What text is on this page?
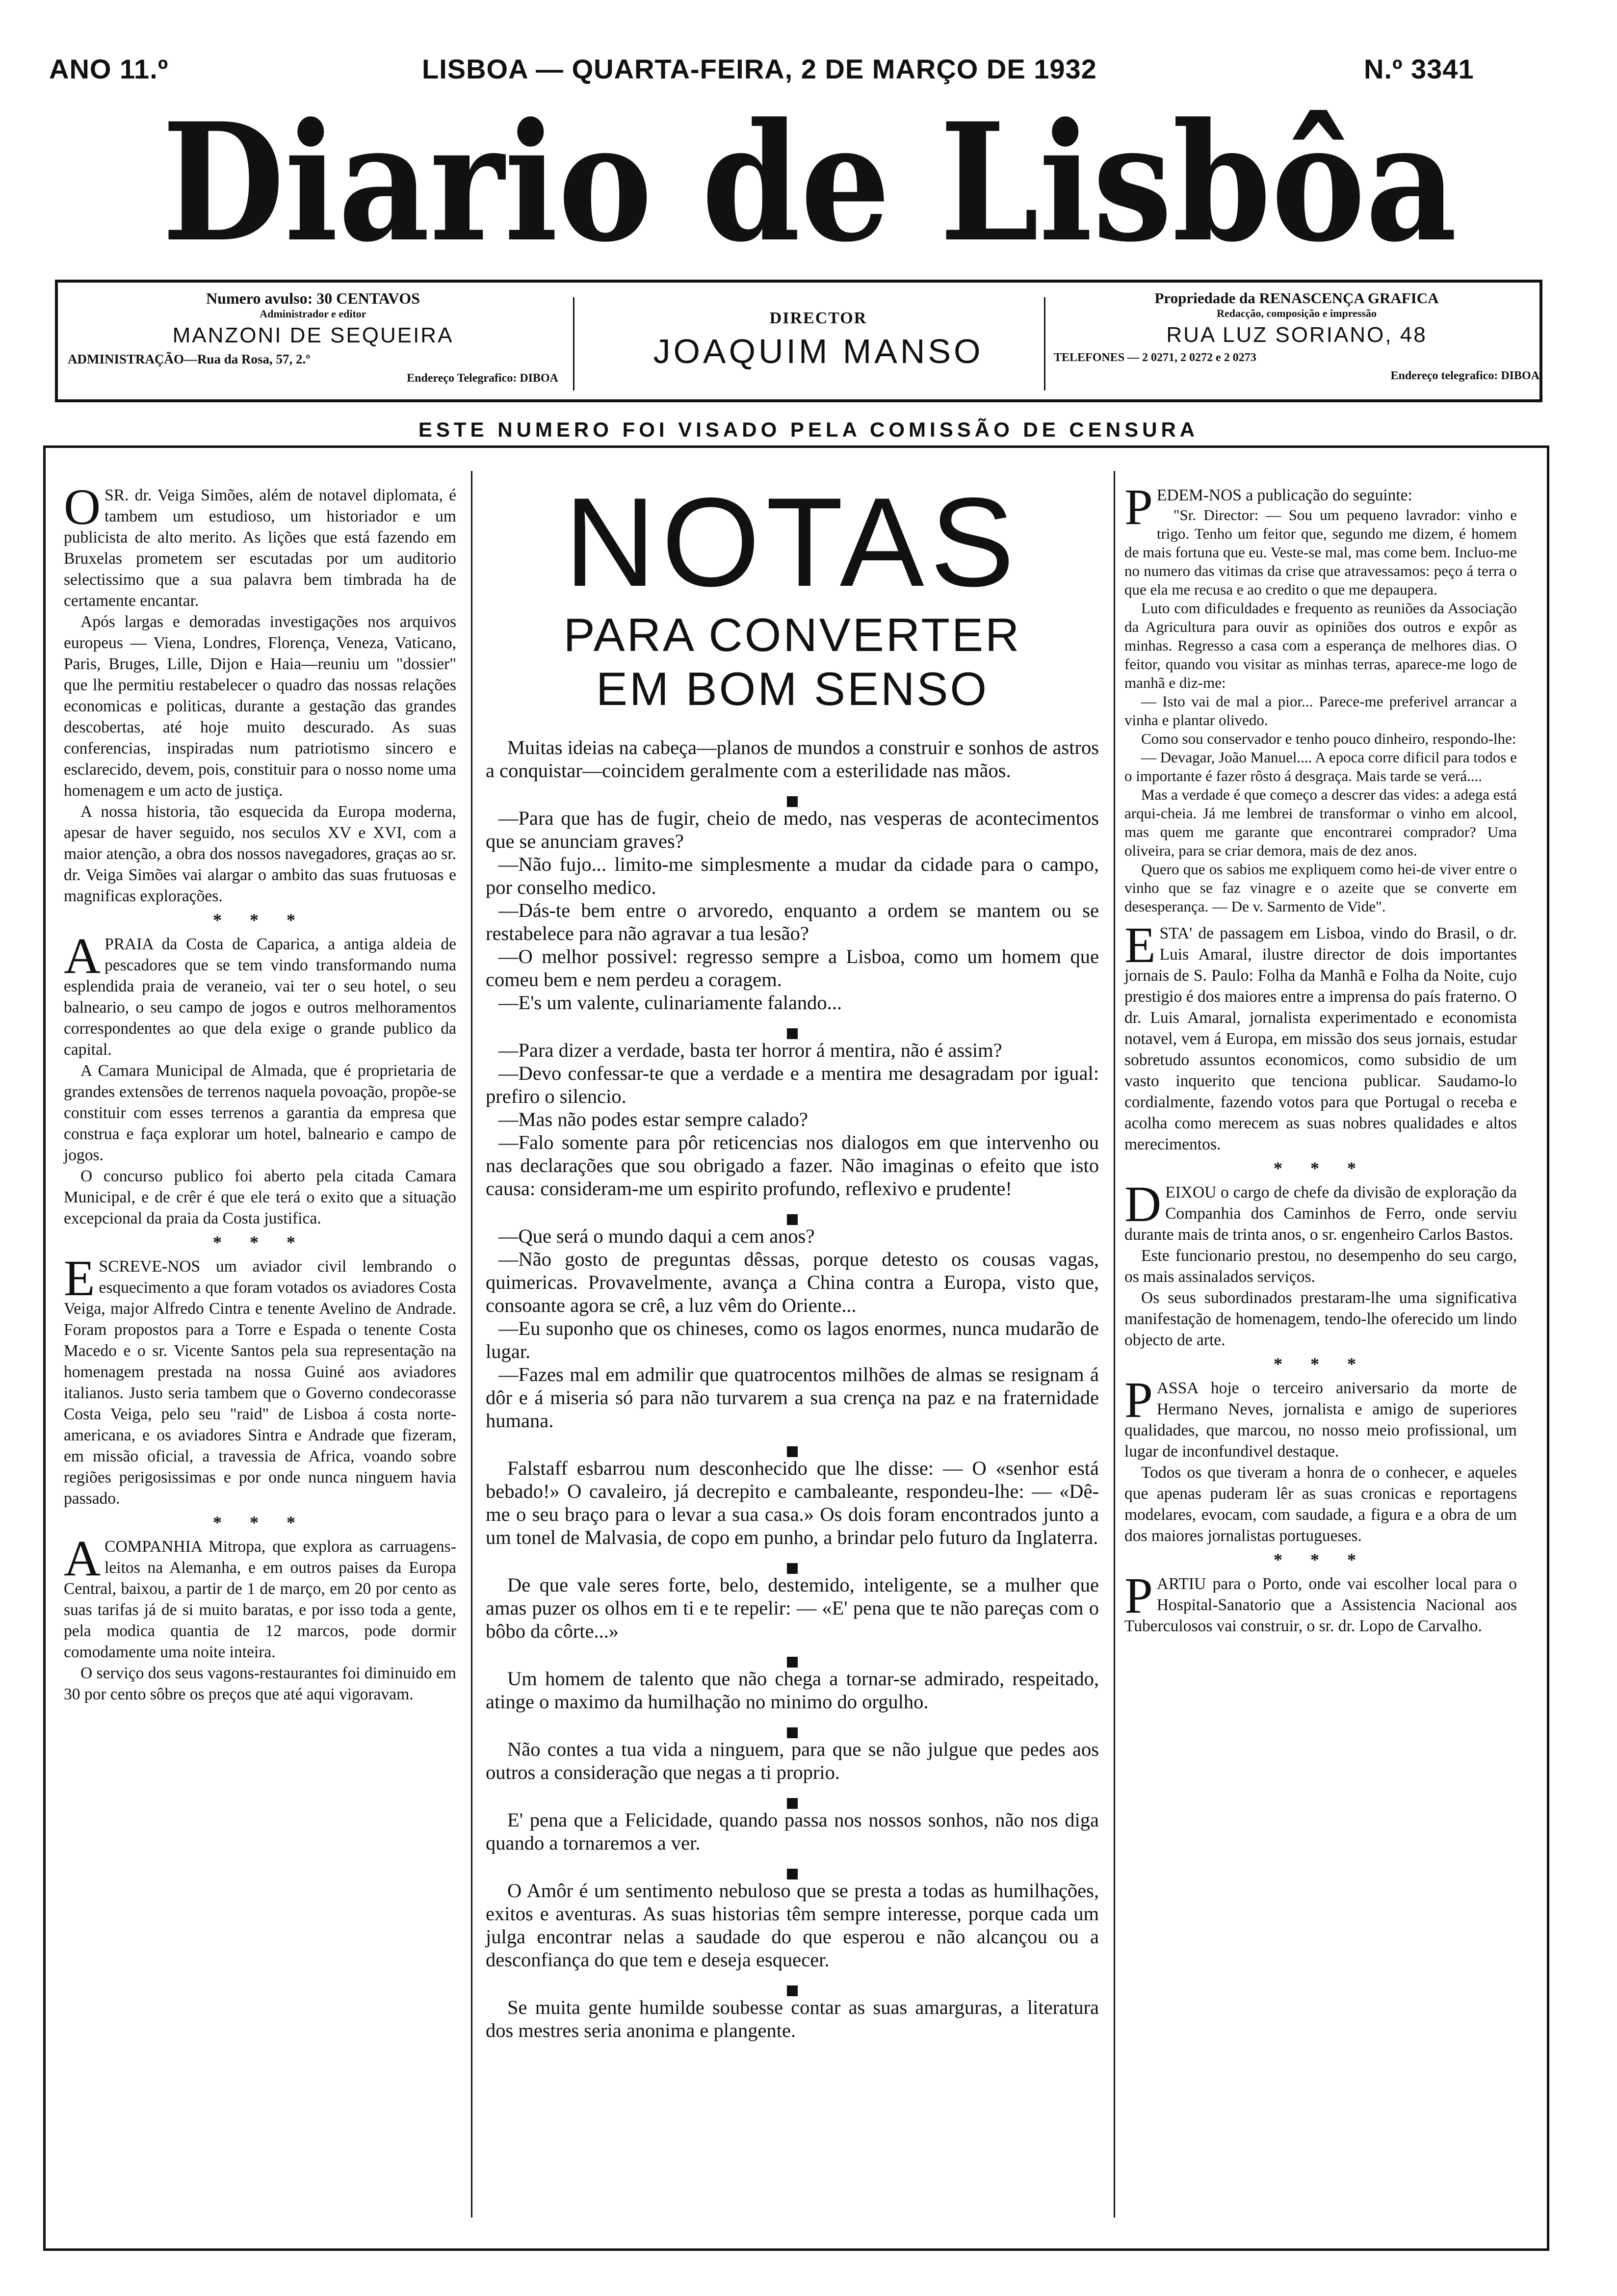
ANO 11.º	LISBOA — QUARTA-FEIRA, 2 DE MARÇO DE 1932	N.º 3341
Diario de Lisbôa
Numero avulso: 30 CENTAVOS
Administrador e editor
MANZONI DE SEQUEIRA
ADMINISTRAÇÃO—Rua da Rosa, 57, 2.º
Endereço Telegrafico: DIBOA
DIRECTOR
JOAQUIM MANSO
Propriedade da RENASCENÇA GRAFICA
Redacção, composição e impressão
RUA LUZ SORIANO, 48
TELEFONES — 2 0271, 2 0272 e 2 0273
Endereço telegrafico: DIBOA
ESTE NUMERO FOI VISADO PELA COMISSÃO DE CENSURA

OSR. dr. Veiga Simões, além de notavel diplomata, é tambem um estudioso, um historiador e um publicista de alto merito. As lições que está fazendo em Bruxelas prometem ser escutadas por um auditorio selectissimo que a sua palavra bem timbrada ha de certamente encantar.

Após largas e demoradas investigações nos arquivos europeus — Viena, Londres, Florença, Veneza, Vaticano, Paris, Bruges, Lille, Dijon e Haia—reuniu um "dossier" que lhe permitiu restabelecer o quadro das nossas relações economicas e politicas, durante a gestação das grandes descobertas, até hoje muito descurado. As suas conferencias, inspiradas num patriotismo sincero e esclarecido, devem, pois, constituir para o nosso nome uma homenagem e um acto de justiça.

A nossa historia, tão esquecida da Europa moderna, apesar de haver seguido, nos seculos XV e XVI, com a maior atenção, a obra dos nossos navegadores, graças ao sr. dr. Veiga Simões vai alargar o ambito das suas frutuosas e magnificas explorações.

* * *

APRAIA da Costa de Caparica, a antiga aldeia de pescadores que se tem vindo transformando numa esplendida praia de veraneio, vai ter o seu hotel, o seu balneario, o seu campo de jogos e outros melhoramentos correspondentes ao que dela exige o grande publico da capital.

A Camara Municipal de Almada, que é proprietaria de grandes extensões de terrenos naquela povoação, propõe-se constituir com esses terrenos a garantia da empresa que construa e faça explorar um hotel, balneario e campo de jogos.

O concurso publico foi aberto pela citada Camara Municipal, e de crêr é que ele terá o exito que a situação excepcional da praia da Costa justifica.

* * *

ESCREVE-NOS um aviador civil lembrando o esquecimento a que foram votados os aviadores Costa Veiga, major Alfredo Cintra e tenente Avelino de Andrade. Foram propostos para a Torre e Espada o tenente Costa Macedo e o sr. Vicente Santos pela sua representação na homenagem prestada na nossa Guiné aos aviadores italianos. Justo seria tambem que o Governo condecorasse Costa Veiga, pelo seu "raid" de Lisboa á costa norte-americana, e os aviadores Sintra e Andrade que fizeram, em missão oficial, a travessia de Africa, voando sobre regiões perigosissimas e por onde nunca ninguem havia passado.

* * *

ACOMPANHIA Mitropa, que explora as carruagens-leitos na Alemanha, e em outros paises da Europa Central, baixou, a partir de 1 de março, em 20 por cento as suas tarifas já de si muito baratas, e por isso toda a gente, pela modica quantia de 12 marcos, pode dormir comodamente uma noite inteira.

O serviço dos seus vagons-restaurantes foi diminuido em 30 por cento sôbre os preços que até aqui vigoravam.

NOTAS
PARA CONVERTER
EM BOM SENSO

Muitas ideias na cabeça—planos de mundos a construir e sonhos de astros a conquistar—coincidem geralmente com a esterilidade nas mãos.

—Para que has de fugir, cheio de medo, nas vesperas de acontecimentos que se anunciam graves?

—Não fujo... limito-me simplesmente a mudar da cidade para o campo, por conselho medico.

—Dás-te bem entre o arvoredo, enquanto a ordem se mantem ou se restabelece para não agravar a tua lesão?

—O melhor possivel: regresso sempre a Lisboa, como um homem que comeu bem e nem perdeu a coragem.

—E's um valente, culinariamente falando...

—Para dizer a verdade, basta ter horror á mentira, não é assim?

—Devo confessar-te que a verdade e a mentira me desagradam por igual: prefiro o silencio.

—Mas não podes estar sempre calado?

—Falo somente para pôr reticencias nos dialogos em que intervenho ou nas declarações que sou obrigado a fazer. Não imaginas o efeito que isto causa: consideram-me um espirito profundo, reflexivo e prudente!

—Que será o mundo daqui a cem anos?

—Não gosto de preguntas dêssas, porque detesto os cousas vagas, quimericas. Provavelmente, avança a China contra a Europa, visto que, consoante agora se crê, a luz vêm do Oriente...

—Eu suponho que os chineses, como os lagos enormes, nunca mudarão de lugar.

—Fazes mal em admilir que quatrocentos milhões de almas se resignam á dôr e á miseria só para não turvarem a sua crença na paz e na fraternidade humana.

Falstaff esbarrou num desconhecido que lhe disse: — O «senhor está bebado!» O cavaleiro, já decrepito e cambaleante, respondeu-lhe: — «Dê-me o seu braço para o levar a sua casa.» Os dois foram encontrados junto a um tonel de Malvasia, de copo em punho, a brindar pelo futuro da Inglaterra.

De que vale seres forte, belo, destemido, inteligente, se a mulher que amas puzer os olhos em ti e te repelir: — «E' pena que te não pareças com o bôbo da côrte...»

Um homem de talento que não chega a tornar-se admirado, respeitado, atinge o maximo da humilhação no minimo do orgulho.

Não contes a tua vida a ninguem, para que se não julgue que pedes aos outros a consideração que negas a ti proprio.

E' pena que a Felicidade, quando passa nos nossos sonhos, não nos diga quando a tornaremos a ver.

O Amôr é um sentimento nebuloso que se presta a todas as humilhações, exitos e aventuras. As suas historias têm sempre interesse, porque cada um julga encontrar nelas a saudade do que esperou e não alcançou ou a desconfiança do que tem e deseja esquecer.

Se muita gente humilde soubesse contar as suas amarguras, a literatura dos mestres seria anonima e plangente.

PEDEM-NOS a publicação do seguinte:

"Sr. Director: — Sou um pequeno lavrador: vinho e trigo. Tenho um feitor que, segundo me dizem, é homem de mais fortuna que eu. Veste-se mal, mas come bem. Incluo-me no numero das vitimas da crise que atravessamos: peço á terra o que ela me recusa e ao credito o que me depaupera.

Luto com dificuldades e frequento as reuniões da Associação da Agricultura para ouvir as opiniões dos outros e expôr as minhas. Regresso a casa com a esperança de melhores dias. O feitor, quando vou visitar as minhas terras, aparece-me logo de manhã e diz-me:

— Isto vai de mal a pior... Parece-me preferivel arrancar a vinha e plantar olivedo.

Como sou conservador e tenho pouco dinheiro, respondo-lhe:

— Devagar, João Manuel.... A epoca corre dificil para todos e o importante é fazer rôsto á desgraça. Mais tarde se verá....

Mas a verdade é que começo a descrer das vides: a adega está arqui-cheia. Já me lembrei de transformar o vinho em alcool, mas quem me garante que encontrarei comprador? Uma oliveira, para se criar demora, mais de dez anos.

Quero que os sabios me expliquem como hei-de viver entre o vinho que se faz vinagre e o azeite que se converte em desesperança. — De v. Sarmento de Vide".

ESTA' de passagem em Lisboa, vindo do Brasil, o dr. Luis Amaral, ilustre director de dois importantes jornais de S. Paulo: Folha da Manhã e Folha da Noite, cujo prestigio é dos maiores entre a imprensa do país fraterno. O dr. Luis Amaral, jornalista experimentado e economista notavel, vem á Europa, em missão dos seus jornais, estudar sobretudo assuntos economicos, como subsidio de um vasto inquerito que tenciona publicar. Saudamo-lo cordialmente, fazendo votos para que Portugal o receba e acolha como merecem as suas nobres qualidades e altos merecimentos.

* * *

DEIXOU o cargo de chefe da divisão de exploração da Companhia dos Caminhos de Ferro, onde serviu durante mais de trinta anos, o sr. engenheiro Carlos Bastos.

Este funcionario prestou, no desempenho do seu cargo, os mais assinalados serviços.

Os seus subordinados prestaram-lhe uma significativa manifestação de homenagem, tendo-lhe oferecido um lindo objecto de arte.

* * *

PASSA hoje o terceiro aniversario da morte de Hermano Neves, jornalista e amigo de superiores qualidades, que marcou, no nosso meio profissional, um lugar de inconfundivel destaque.

Todos os que tiveram a honra de o conhecer, e aqueles que apenas puderam lêr as suas cronicas e reportagens modelares, evocam, com saudade, a figura e a obra de um dos maiores jornalistas portugueses.

* * *

PARTIU para o Porto, onde vai escolher local para o Hospital-Sanatorio que a Assistencia Nacional aos Tuberculosos vai construir, o sr. dr. Lopo de Carvalho.
